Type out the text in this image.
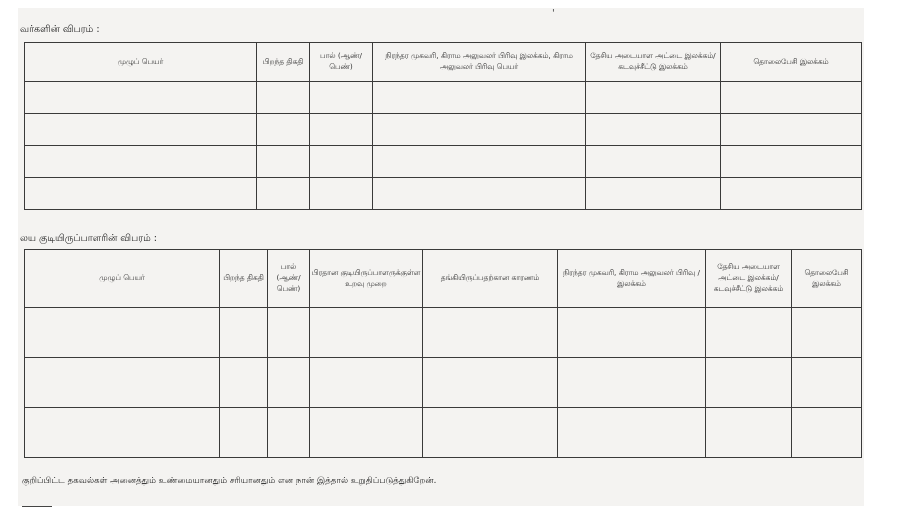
'
வர்களின் விபரம் :
முழுப் பெயர்	பிறந்த திகதி	பால் (ஆண்/ பெண்)	நிரந்தர முகவரி, கிராம அலுவலர் பிரிவு இலக்கம், கிராம அலுவலர் பிரிவு பெயர்	தேசிய அடையாள அட்டை இலக்கம்/கடவுச்சீட்டு இலக்கம்	தொலைபேசி இலக்கம்

லய குடியிருப்பாளரின் விபரம் :
முழுப் பெயர்	பிறந்த திகதி	பால் (ஆண்/ பெண்)	பிரதான குடியிருப்பாளருக்குள்ள உறவு முறை	தங்கியிருப்பதற்கான காரணம்	நிரந்தர முகவரி, கிராம அலுவலர் பிரிவு /இலக்கம்	தேசிய அடையாள அட்டை இலக்கம்/ கடவுச்சீட்டு இலக்கம்	தொலைபேசி இலக்கம்

குறிப்பிட்ட தகவல்கள் அனைத்தும் உண்மையானதும் சரியானதும் என நான் இத்தால் உறுதிப்படுத்துகிறேன்.
